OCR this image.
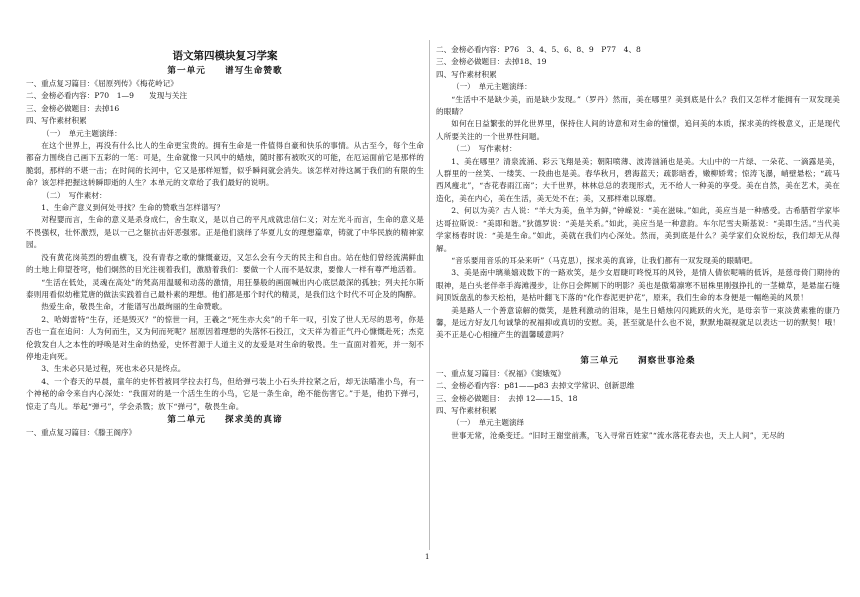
语文第四模块复习学案

第一单元　　谱写生命赞歌

一、重点复习篇目：《屈原列传》《梅花岭记》

二、金榜必看内容：P70　1—9　　发现与关注

三、金榜必做题目：去掉16

四、写作素材积累

（一）　单元主题演绎：

在这个世界上，再没有什么比人的生命更宝贵的。拥有生命是一件值得自豪和快乐的事情。从古至今，每个生命都奋力围绕自己画下五彩的一笔：可是，生命就像一只风中的蜡烛，随时都有被吹灭的可能，在厄运面前它是那样的脆弱，那样的不堪一击；在时间的长河中，它又是那样短暂，似乎瞬间就会消失。该怎样对待这属于我们的有限的生命？该怎样把握这转瞬即逝的人生？本单元的文章给了我们最好的说明。

（二）　写作素材：

1、生命产意义到何处寻找？生命的赞歌当怎样谱写？

对程婴而言，生命的意义是杀身成仁，舍生取义，是以自己的平凡成就忠信仁义；对左光斗而言，生命的意义是不畏强权，壮怀激烈，是以一己之躯抗击奸恶强邪。正是他们演绎了华夏儿女的理想篇章，铸就了中华民族的精神家园。

没有黄花岗英烈的碧血横飞，没有青春之歌的慷慨豪迈，又怎么会有今天的民主和自由。站在他们曾经流满鲜血的土地上仰望苍穹，他们炯然的目光注视着我们，激励着我们：要做一个人而不是奴隶，要像人一样有尊严地活着。

“生活在低处，灵魂在高处”的梵高用温暖和动荡的激情，用狂暴般的画面喊出内心底层最深的孤独；列夫托尔斯泰则用看似幼稚荒唐的做法实践着自己最朴素的理想。他们都是那个时代的精灵，是我们这个时代不可企及的陶醉。

热爱生命，敬畏生命，才能谱写出最绚丽的生命赞歌。

2、哈姆雷特“生存，还是毁灭？”的惊世一问，王羲之“死生亦大矣”的千年一叹，引发了世人无尽的思考，你是否也一直在追问：人为何而生，又为何而死呢？屈原因着理想的失落怀石投江，文天祥为着正气丹心慷慨赴死；杰克伦敦发自人之本性的呼唤是对生命的热爱，史怀哲源于人道主义的友爱是对生命的敬畏。生一直面对着死，并一刻不停地走向死。

3、生未必只是过程，死也未必只是终点。

4、一个春天的早晨，童年的史怀哲被同学拉去打鸟，但给弹弓装上小石头并拉紧之后，却无法瞄准小鸟，有一个神秘的命令来自内心深处：“我面对的是一个活生生的小鸟，它是一条生命，绝不能伤害它。”于是，他扔下弹弓，惊走了鸟儿。举起“弹弓”，学会杀戮；放下“弹弓”，敬畏生命。

第二单元　　探求美的真谛

一、重点复习篇目：《滕王阁序》

二、金榜必看内容：P76　3、4、5、6、8、9　P77　4、8

三、金榜必做题目：去掉18、19

四、写作素材积累

（一）　单元主题演绎：

“生活中不是缺少美，而是缺少发现。”（罗丹）然而，美在哪里？美到底是什么？我们又怎样才能拥有一双发现美的眼睛？

如何在日益繁张的异化世界里，保持住人间的诗意和对生命的憧憬，追问美的本质，探求美的终极意义，正是现代人所要关注的一个世界性问题。

（二）　写作素材：

1、美在哪里？清泉流涌、彩云飞翔是美；朝阳喷薄、波涛汹涌也是美。大山中的一片绿、一朵花、一滴露是美，人群里的一丝笑、一缕笑、一段曲也是美。春华秋月，碧海蓝天；疏影暗香，嫩柳娇莺；惊涛飞瀑，峭壁悬松；“疏马西风瘦北”，“杏花春雨江南”；大千世界，林林总总的表现形式，无不给人一种美的享受。美在自然，美在艺术，美在造化，美在内心，美在生活，美无处不在；美，又那样难以琢磨。

2、何以为美？古人说：“羊大为美，鱼羊为鲜，”钟嵘说：“美在滋味。”如此，美应当是一种感受。古希腊哲学家毕达哥拉斯说：“美即和谐。”狄德罗说：“美是关系。”如此，美应当是一种意韵。车尔尼雪夫斯基说：“美即生活。”当代美学家杨春时说：“美是生命。”如此，美就在我们内心深处。然而，美到底是什么？美学家们众说纷纭，我们却无从得解。

“音乐要用音乐的耳朵来听”（马克思），探求美的真谛，让我们都有一双发现美的眼睛吧。

3、美是南中璃巢嬉戏数下的一路欢笑，是少女眉睫叮咚悦耳的风铃，是情人倩依呢喃的低诉，是慈母倚门期待的眼神，是白头老伴牵手海滩漫步，让你日会辉厕下的明影？美也是傲菊凛寒不屈株里刚强挣扎的一茎橄草，是悬崖石缝间顶饭盘乱的参天松柏，是枯叶翻飞下落的“化作春泥更护花”，原来，我们生命的本身便是一幅绝美的风景！

美是路人一个善意谅解的微笑，是胜利激动的泪珠，是生日蜡烛闪闪跳跃的火光，是母亲节一束淡黄素雅的康乃馨，是远方好友几句诚挚的祝福抑或真切的安慰。美，甚至就是什么也不说，默默地凝视就足以表达一切的默契！哦！美不正是心心相撞产生的温馨暖意吗？

第三单元　　洞察世事沧桑

一、重点复习篇目：《祝福》《窦娥冤》

二、金榜必看内容：p81——p83 去掉文学常识、创新思维

三、金榜必做题目：　去掉 12——15、18

四、写作素材积累

（一）　单元主题演绎

世事无常，沧桑变迁。“旧时王谢堂前燕，飞入寻常百姓家”“流水落花春去也，天上人间”，无尽的

1
